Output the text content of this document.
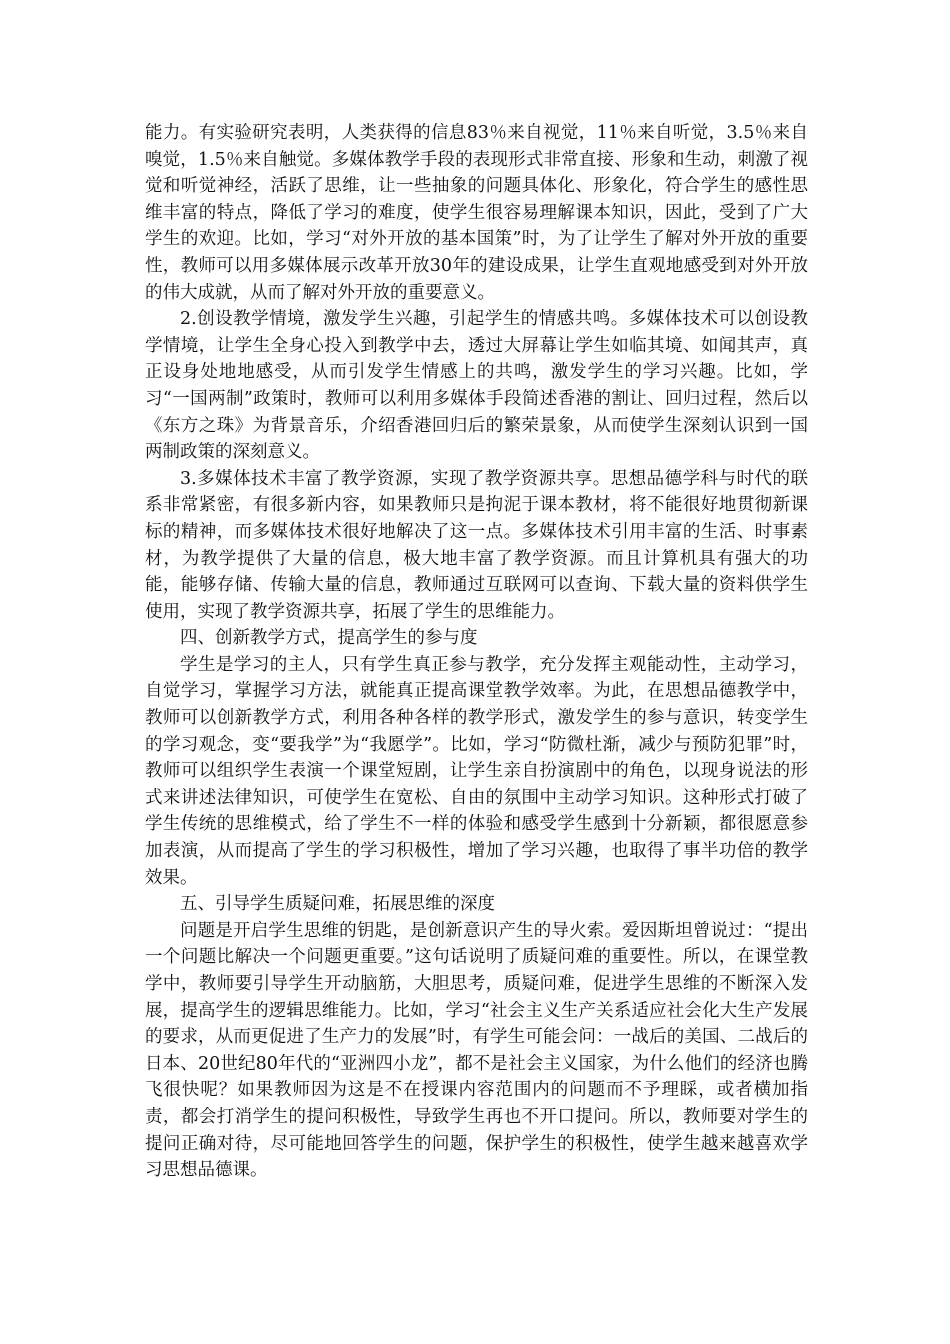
能力。有实验研究表明，人类获得的信息83％来自视觉，11％来自听觉，3.5％来自嗅觉，1.5％来自触觉。多媒体教学手段的表现形式非常直接、形象和生动，刺激了视觉和听觉神经，活跃了思维，让一些抽象的问题具体化、形象化，符合学生的感性思维丰富的特点，降低了学习的难度，使学生很容易理解课本知识，因此，受到了广大学生的欢迎。比如，学习“对外开放的基本国策”时，为了让学生了解对外开放的重要性，教师可以用多媒体展示改革开放30年的建设成果，让学生直观地感受到对外开放的伟大成就，从而了解对外开放的重要意义。

2.创设教学情境，激发学生兴趣，引起学生的情感共鸣。多媒体技术可以创设教学情境，让学生全身心投入到教学中去，透过大屏幕让学生如临其境、如闻其声，真正设身处地地感受，从而引发学生情感上的共鸣，激发学生的学习兴趣。比如，学习“一国两制”政策时，教师可以利用多媒体手段简述香港的割让、回归过程，然后以《东方之珠》为背景音乐，介绍香港回归后的繁荣景象，从而使学生深刻认识到一国两制政策的深刻意义。

3.多媒体技术丰富了教学资源，实现了教学资源共享。思想品德学科与时代的联系非常紧密，有很多新内容，如果教师只是拘泥于课本教材，将不能很好地贯彻新课标的精神，而多媒体技术很好地解决了这一点。多媒体技术引用丰富的生活、时事素材，为教学提供了大量的信息，极大地丰富了教学资源。而且计算机具有强大的功能，能够存储、传输大量的信息，教师通过互联网可以查询、下载大量的资料供学生使用，实现了教学资源共享，拓展了学生的思维能力。

四、创新教学方式，提高学生的参与度

学生是学习的主人，只有学生真正参与教学，充分发挥主观能动性，主动学习，自觉学习，掌握学习方法，就能真正提高课堂教学效率。为此，在思想品德教学中，教师可以创新教学方式，利用各种各样的教学形式，激发学生的参与意识，转变学生的学习观念，变“要我学”为“我愿学”。比如，学习“防微杜渐，减少与预防犯罪”时，教师可以组织学生表演一个课堂短剧，让学生亲自扮演剧中的角色，以现身说法的形式来讲述法律知识，可使学生在宽松、自由的氛围中主动学习知识。这种形式打破了学生传统的思维模式，给了学生不一样的体验和感受学生感到十分新颖，都很愿意参加表演，从而提高了学生的学习积极性，增加了学习兴趣，也取得了事半功倍的教学效果。

五、引导学生质疑问难，拓展思维的深度

问题是开启学生思维的钥匙，是创新意识产生的导火索。爱因斯坦曾说过：“提出一个问题比解决一个问题更重要。”这句话说明了质疑问难的重要性。所以，在课堂教学中，教师要引导学生开动脑筋，大胆思考，质疑问难，促进学生思维的不断深入发展，提高学生的逻辑思维能力。比如，学习“社会主义生产关系适应社会化大生产发展的要求，从而更促进了生产力的发展”时，有学生可能会问：一战后的美国、二战后的日本、20世纪80年代的“亚洲四小龙”，都不是社会主义国家，为什么他们的经济也腾飞很快呢？如果教师因为这是不在授课内容范围内的问题而不予理睬，或者横加指责，都会打消学生的提问积极性，导致学生再也不开口提问。所以，教师要对学生的提问正确对待，尽可能地回答学生的问题，保护学生的积极性，使学生越来越喜欢学习思想品德课。
